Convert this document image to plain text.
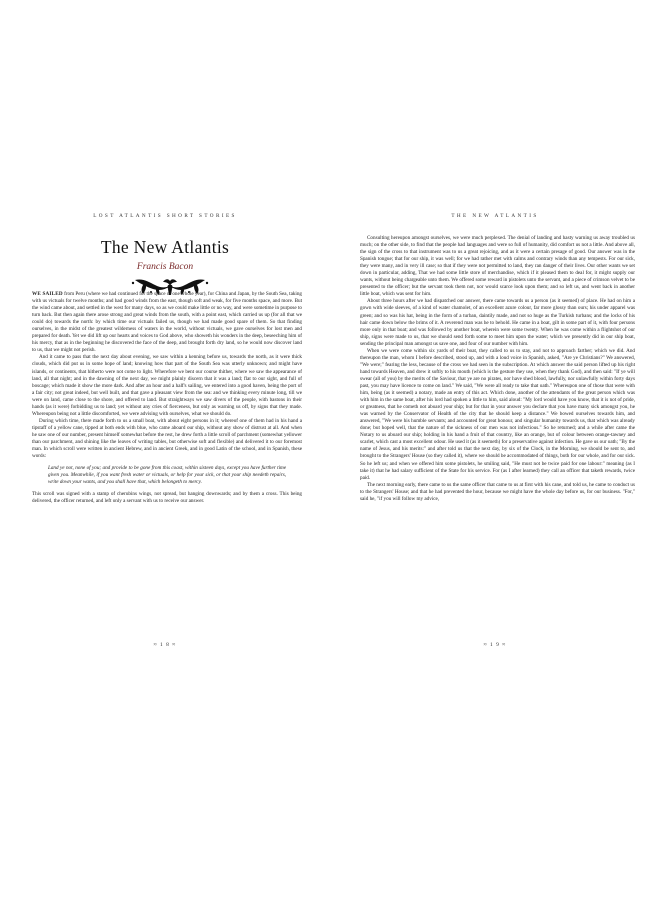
LOST ATLANTIS SHORT STORIES
The New Atlantis
Francis Bacon

WE SAILED from Peru (where we had continued for the space of one whole year), for China and Japan, by the South Sea, taking with us victuals for twelve months; and had good winds from the east, though soft and weak, for five months space, and more. But the wind came about, and settled in the west for many days, so as we could make little or no way, and were sometime in purpose to turn back. But then again there arose strong and great winds from the south, with a point east, which carried us up (for all that we could do) towards the north: by which time our victuals failed us, though we had made good spare of them. So that finding ourselves, in the midst of the greatest wilderness of waters in the world, without victuals, we gave ourselves for lost men and prepared for death. Yet we did lift up our hearts and voices to God above, who showeth his wonders in the deep, beseeching him of his mercy, that as in the beginning he discovered the face of the deep, and brought forth dry land, so he would now discover land to us, that we might not perish.

And it came to pass that the next day about evening, we saw within a kenning before us, towards the north, as it were thick clouds, which did put us in some hope of land; knowing how that part of the South Sea was utterly unknown; and might have islands, or continents, that hitherto were not come to light. Wherefore we bent our course thither, where we saw the appearance of land, all that night; and in the dawning of the next day, we might plainly discern that it was a land; flat to our sight, and full of boscage; which made it show the more dark. And after an hour and a half's sailing, we entered into a good haven, being the port of a fair city; not great indeed, but well built, and that gave a pleasant view from the sea: and we thinking every minute long, till we were on land, came close to the shore, and offered to land. But straightways we saw divers of the people, with bastons in their hands (as it were) forbidding us to land; yet without any cries of fierceness, but only as warning us off, by signs that they made. Whereupon being not a little discomforted, we were advising with ourselves, what we should do.

During which time, there made forth to us a small boat, with about eight persons in it; whereof one of them had in his hand a tipstaff of a yellow cane, tipped at both ends with blue, who came aboard our ship, without any show of distrust at all. And when he saw one of our number, present himself somewhat before the rest, he drew forth a little scroll of parchment (somewhat yellower than our parchment, and shining like the leaves of writing tables, but otherwise soft and flexible) and delivered it to our foremost man. In which scroll were written in ancient Hebrew, and in ancient Greek, and in good Latin of the school, and in Spanish, these words:

Land ye not, none of you; and provide to be gone from this coast, within sixteen days, except you have further time given you. Meanwhile, if you want fresh water or victuals, or help for your sick, or that your ship needeth repairs, write down your wants, and you shall have that, which belongeth to mercy.

This scroll was signed with a stamp of cherubins wings, not spread, but hanging downwards; and by them a cross. This being delivered, the officer returned, and left only a servant with us to receive our answer.

≈ 1 8 ≈
THE NEW ATLANTIS

Consulting hereupon amongst ourselves, we were much perplexed. The denial of landing and hasty warning us away troubled us much; on the other side, to find that the people had languages and were so full of humanity, did comfort us not a little. And above all, the sign of the cross to that instrument was to us a great rejoicing, and as it were a certain presage of good. Our answer was in the Spanish tongue; that for our ship, it was well; for we had rather met with calms and contrary winds than any tempests. For our sick, they were many, and in very ill case; so that if they were not permitted to land, they ran danger of their lives. Our other wants we set down in particular, adding, That we had some little store of merchandise, which if it pleased them to deal for, it might supply our wants, without being chargeable unto them. We offered some reward in pistolets unto the servant, and a piece of crimson velvet to be presented to the officer; but the servant took them not, nor would scarce look upon them; and so left us, and went back in another little boat, which was sent for him.

About three hours after we had dispatched our answer, there came towards us a person (as it seemed) of place. He had on him a gown with wide sleeves, of a kind of water chamolet, of an excellent azure colour, far more glossy than ours; his under apparel was green; and so was his hat, being in the form of a turban, daintily made, and not so huge as the Turkish turbans; and the locks of his hair came down below the brims of it. A reverend man was he to behold. He came in a boat, gilt in some part of it, with four persons more only in that boat; and was followed by another boat, wherein were some twenty. When he was come within a flightshot of our ship, signs were made to us, that we should send forth some to meet him upon the water; which we presently did in our ship boat, sending the principal man amongst us save one, and four of our number with him.

When we were come within six yards of their boat, they called to us to stay, and not to approach farther; which we did. And thereupon the man, whom I before described, stood up, and with a loud voice in Spanish, asked, "Are ye Christians?" We answered, "We were;" fearing the less, because of the cross we had seen in the subscription. At which answer the said person lifted up his right hand towards Heaven, and drew it softly to his mouth (which is the gesture they use, when they thank God), and then said: "If ye will swear (all of you) by the merits of the Saviour, that ye are no pirates, nor have shed blood, lawfully, nor unlawfully within forty days past, you may have licence to come on land." We said, "We were all ready to take that oath." Whereupon one of those that were with him, being (as it seemed) a notary, made an entry of this act. Which done, another of the attendants of the great person which was with him in the same boat, after his lord had spoken a little to him, said aloud: "My lord would have you know, that it is not of pride, or greatness, that he cometh not aboard your ship; but for that in your answer you declare that you have many sick amongst you, he was warned by the Conservator of Health of the city that he should keep a distance." We bowed ourselves towards him, and answered, "We were his humble servants; and accounted for great honour, and singular humanity towards us, that which was already done; but hoped well, that the nature of the sickness of our men was not infectious." So he returned; and a while after came the Notary to us aboard our ship; holding in his hand a fruit of that country, like an orange, but of colour between orange-tawney and scarlet, which cast a most excellent odour. He used it (as it seemeth) for a preservative against infection. He gave us our oath; "By the name of Jesus, and his merits:" and after told us that the next day, by six of the Clock, in the Morning, we should be sent to, and brought to the Strangers' House (so they called it), where we should be accommodated of things, both for our whole, and for our sick. So he left us; and when we offered him some pistolets, he smiling said, "He must not be twice paid for one labour:" meaning (as I take it) that he had salary sufficient of the State for his service. For (as I after learned) they call an officer that taketh rewards, twice paid.

The next morning early, there came to us the same officer that came to us at first with his cane, and told us, he came to conduct us to the Strangers' House; and that he had prevented the hour, because we might have the whole day before us, for our business. "For," said he, "if you will follow my advice,

≈ 1 9 ≈
